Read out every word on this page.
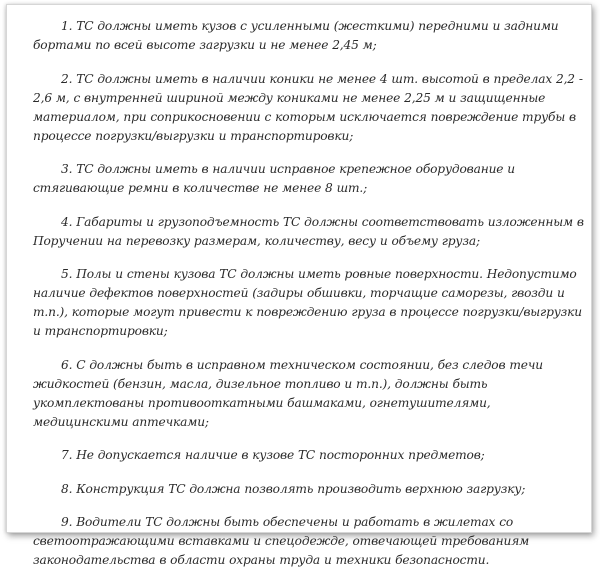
1. ТС должны иметь кузов с усиленными (жесткими) передними и задними бортами по всей высоте загрузки и не менее 2,45 м;

2. ТС должны иметь в наличии коники не менее 4 шт. высотой в пределах 2,2 - 2,6 м, с внутренней шириной между кониками не менее 2,25 м и защищенные материалом, при соприкосновении с которым исключается повреждение трубы в процессе погрузки/выгрузки и транспортировки;

3. ТС должны иметь в наличии исправное крепежное оборудование и стягивающие ремни в количестве не менее 8 шт.;

4. Габариты и грузоподъемность ТС должны соответствовать изложенным в Поручении на перевозку размерам, количеству, весу и объему груза;

5. Полы и стены кузова ТС должны иметь ровные поверхности. Недопустимо наличие дефектов поверхностей (задиры обшивки, торчащие саморезы, гвозди и т.п.), которые могут привести к повреждению груза в процессе погрузки/выгрузки и транспортировки;

6. С должны быть в исправном техническом состоянии, без следов течи жидкостей (бензин, масла, дизельное топливо и т.п.), должны быть укомплектованы противооткатными башмаками, огнетушителями, медицинскими аптечками;

7. Не допускается наличие в кузове ТС посторонних предметов;

8. Конструкция ТС должна позволять производить верхнюю загрузку;

9. Водители ТС должны быть обеспечены и работать в жилетах со светоотражающими вставками и спецодежде, отвечающей требованиям законодательства в области охраны труда и техники безопасности.
